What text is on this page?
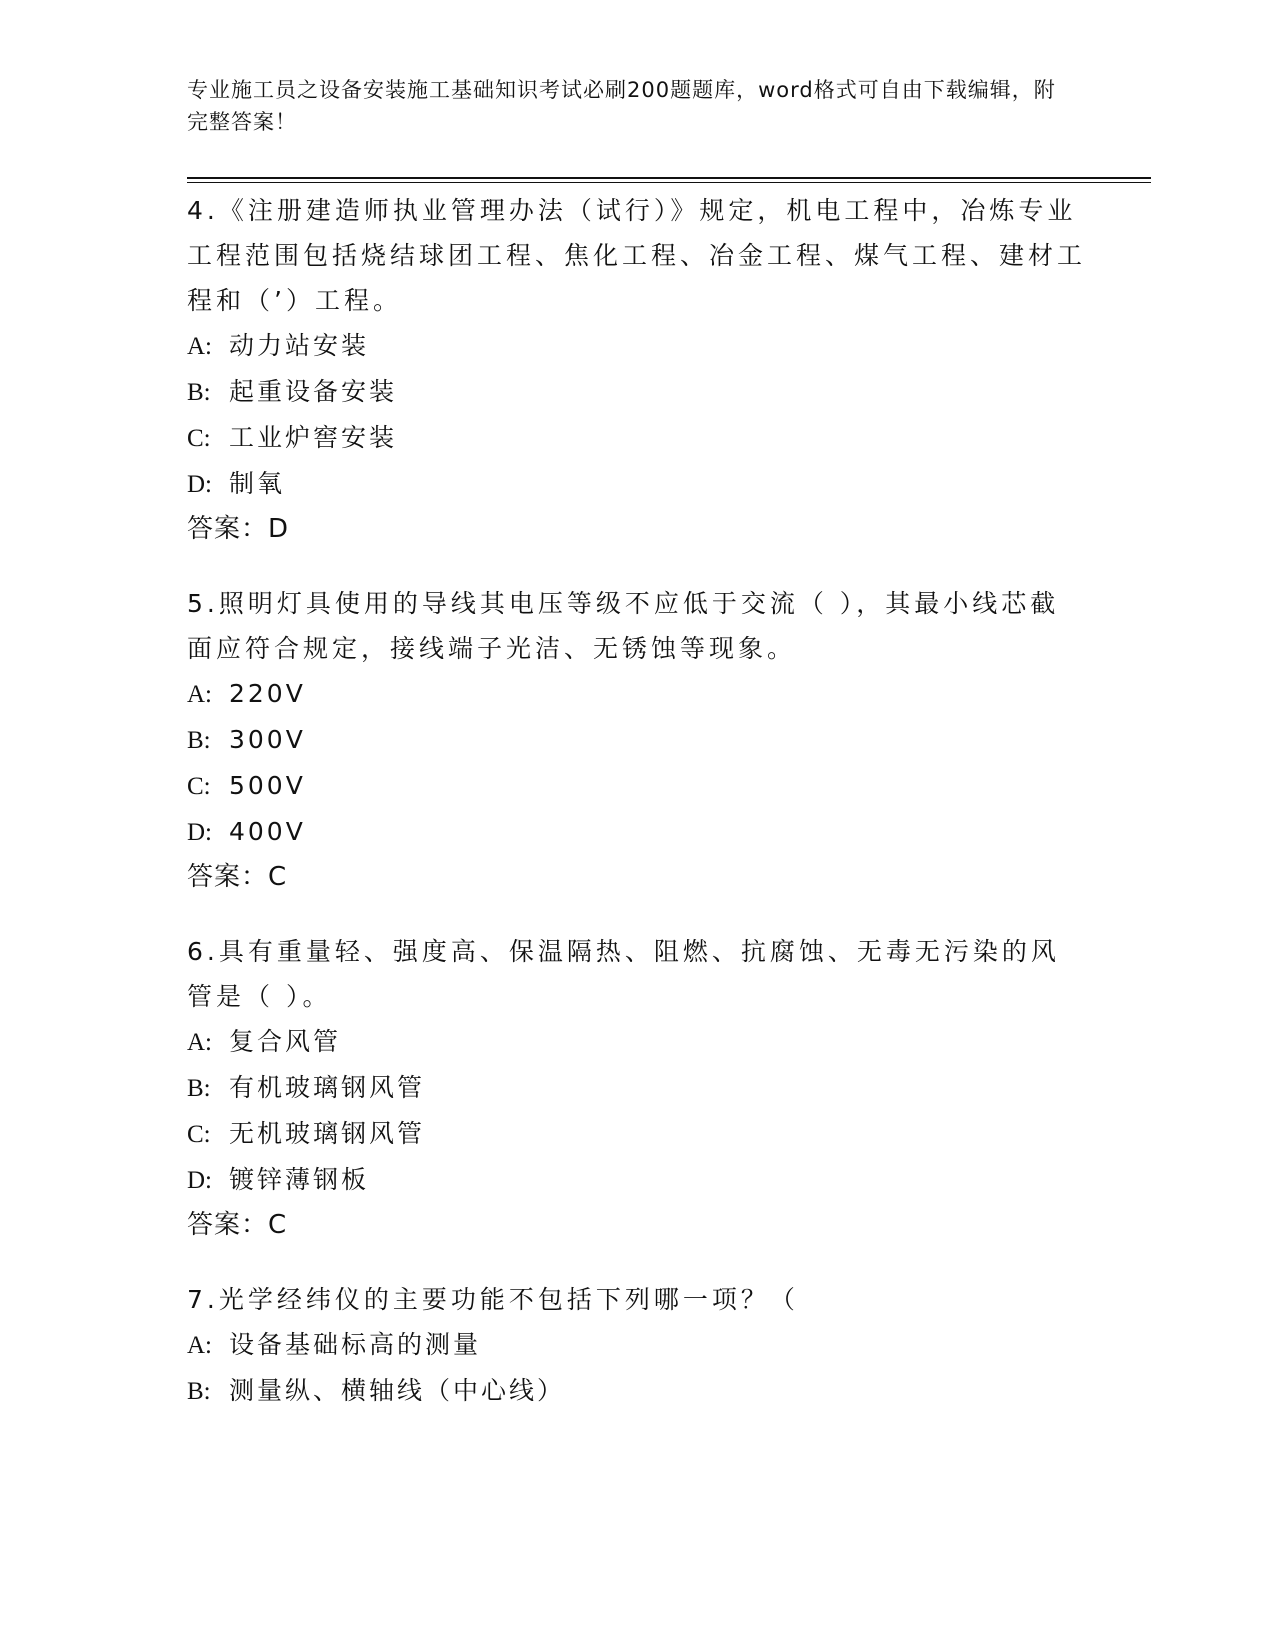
专业施工员之设备安装施工基础知识考试必刷200题题库，word格式可自由下载编辑，附完整答案！
4.《注册建造师执业管理办法（试行）》规定，机电工程中，冶炼专业工程范围包括烧结球团工程、焦化工程、冶金工程、煤气工程、建材工程和（’）工程。
A: 动力站安装
B: 起重设备安装
C: 工业炉窖安装
D: 制氧
答案：D
5.照明灯具使用的导线其电压等级不应低于交流（ ），其最小线芯截面应符合规定，接线端子光洁、无锈蚀等现象。
A: 220V
B: 300V
C: 500V
D: 400V
答案：C
6.具有重量轻、强度高、保温隔热、阻燃、抗腐蚀、无毒无污染的风管是（ ）。
A: 复合风管
B: 有机玻璃钢风管
C: 无机玻璃钢风管
D: 镀锌薄钢板
答案：C
7.光学经纬仪的主要功能不包括下列哪一项？（
A: 设备基础标高的测量
B: 测量纵、横轴线（中心线）
